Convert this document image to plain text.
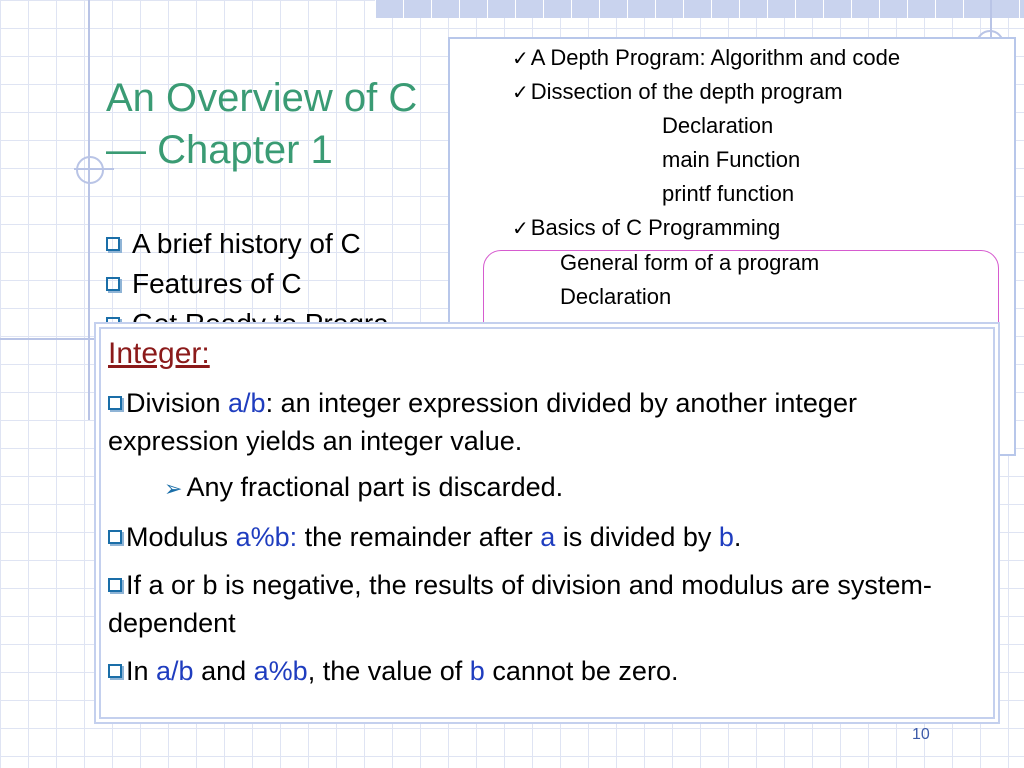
An Overview of C
— Chapter 1
A brief history of C
Features of C
✓A Depth Program: Algorithm and code
✓Dissection of the depth program
Declaration
main Function
printf function
✓Basics of C Programming
General form of a program
Declaration
Integer:
Division a/b: an integer expression divided by another integer expression yields an integer value.
➢ Any fractional part is discarded.
Modulus a%b: the remainder after a is divided by b.
If a or b is negative, the results of division and modulus are system-dependent
In a/b and a%b, the value of b cannot be zero.
10
